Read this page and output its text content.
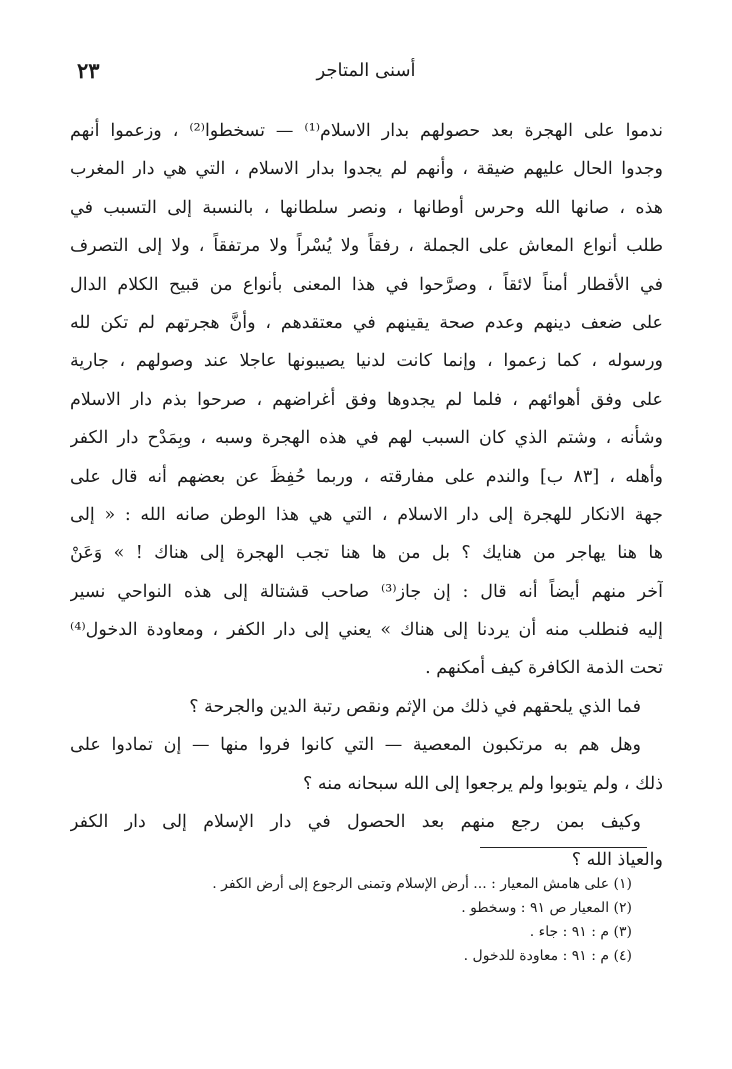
٢٣	أسنى المتاجر
ندموا على الهجرة بعد حصولهم بدار الاسلام⁽¹⁾ — تسخطوا⁽²⁾ ، وزعموا أنهم
وجدوا الحال عليهم ضيقة ، وأنهم لم يجدوا بدار الاسلام ، التي هي دار المغرب
هذه ، صانها الله وحرس أوطانها ، ونصر سلطانها ، بالنسبة إلى التسبب في
طلب أنواع المعاش على الجملة ، رفقاً ولا يُسْراً ولا مرتفقاً ، ولا إلى التصرف
في الأقطار أمناً لائقاً ، وصرَّحوا في هذا المعنى بأنواع من قبيح الكلام الدال
على ضعف دينهم وعدم صحة يقينهم في معتقدهم ، وأنَّ هجرتهم لم تكن لله
ورسوله ، كما زعموا ، وإنما كانت لدنيا يصيبونها عاجلا عند وصولهم ، جارية
على وفق أهوائهم ، فلما لم يجدوها وفق أغراضهم ، صرحوا بذم دار الاسلام
وشأنه ، وشتم الذي كان السبب لهم في هذه الهجرة وسبه ، وبِمَدْح دار الكفر
وأهله ، [٨٣ ب] والندم على مفارقته ، وربما حُفِظَ عن بعضهم أنه قال على
جهة الانكار للهجرة إلى دار الاسلام ، التي هي هذا الوطن صانه الله : « إلى
ها هنا يهاجر من هنايك ؟ بل من ها هنا تجب الهجرة إلى هناك ! » وَعَنْ
آخر منهم أيضاً أنه قال : إن جاز⁽³⁾ صاحب قشتالة إلى هذه النواحي نسير
إليه فنطلب منه أن يردنا إلى هناك » يعني إلى دار الكفر ، ومعاودة الدخول⁽⁴⁾
تحت الذمة الكافرة كيف أمكنهم .
فما الذي يلحقهم في ذلك من الإثم ونقص رتبة الدين والجرحة ؟
وهل هم به مرتكبون المعصية — التي كانوا فروا منها — إن تمادوا على
ذلك ، ولم يتوبوا ولم يرجعوا إلى الله سبحانه منه ؟
وكيف بمن رجع منهم بعد الحصول في دار الإسلام إلى دار الكفر
والعياذ الله ؟
(١) على هامش المعيار : ... أرض الإسلام وتمنى الرجوع إلى أرض الكفر .
(٢) المعيار ص ٩١ : وسخطو .
(٣) م : ٩١ : جاء .
(٤) م : ٩١ : معاودة للدخول .
